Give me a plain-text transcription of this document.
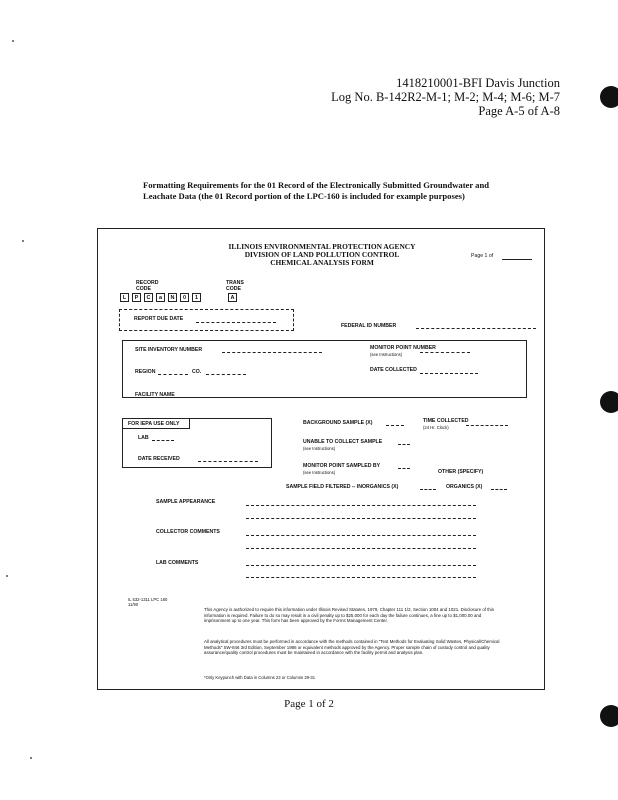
1418210001-BFI Davis Junction
Log No. B-142R2-M-1; M-2; M-4; M-6; M-7
Page A-5 of A-8
Formatting Requirements for the 01 Record of the Electronically Submitted Groundwater and Leachate Data (the 01 Record portion of the LPC-160 is included for example purposes)
ILLINOIS ENVIRONMENTAL PROTECTION AGENCY
DIVISION OF LAND POLLUTION CONTROL
CHEMICAL ANALYSIS FORM
Page 1 of
RECORD CODE
TRANS CODE
L	P	C	a	N	0	1	A
REPORT DUE DATE
FEDERAL ID NUMBER
SITE INVENTORY NUMBER	MONITOR POINT NUMBER
(see Instructions)
REGION	CO.	DATE COLLECTED
FACILITY NAME
FOR IEPA USE ONLY
LAB
DATE RECEIVED
BACKGROUND SAMPLE (X)	TIME COLLECTED
(24 Hr. Clock)
UNABLE TO COLLECT SAMPLE
(see Instructions)
MONITOR POINT SAMPLED BY
(see Instructions)	OTHER (SPECIFY)
SAMPLE FIELD FILTERED -- INORGANICS (X)	ORGANICS (X)
SAMPLE APPEARANCE
COLLECTOR COMMENTS
LAB COMMENTS
IL 532-1311 LPC 160 11/90
This Agency is authorized to require this information under Illinois Revised Statutes, 1979, Chapter 111 1/2, Section 1004 and 1021. Disclosure of this information is required. Failure to do so may result in a civil penalty up to $25,000 for each day the failure continues, a fine up to $1,000.00 and imprisonment up to one year. This form has been approved by the Forms Management Center.
All analytical procedures must be performed in accordance with the methods contained in "Test Methods for Evaluating Solid Wastes, Physical/Chemical Methods" SW-846 3rd Edition, September 1986 or equivalent methods approved by the Agency. Proper sample chain of custody control and quality assurance/quality control procedures must be maintained in accordance with the facility permit and analysis plan.
*Only Keypunch with Data in Columns 23 or Columns 29-31
Page 1 of 2
